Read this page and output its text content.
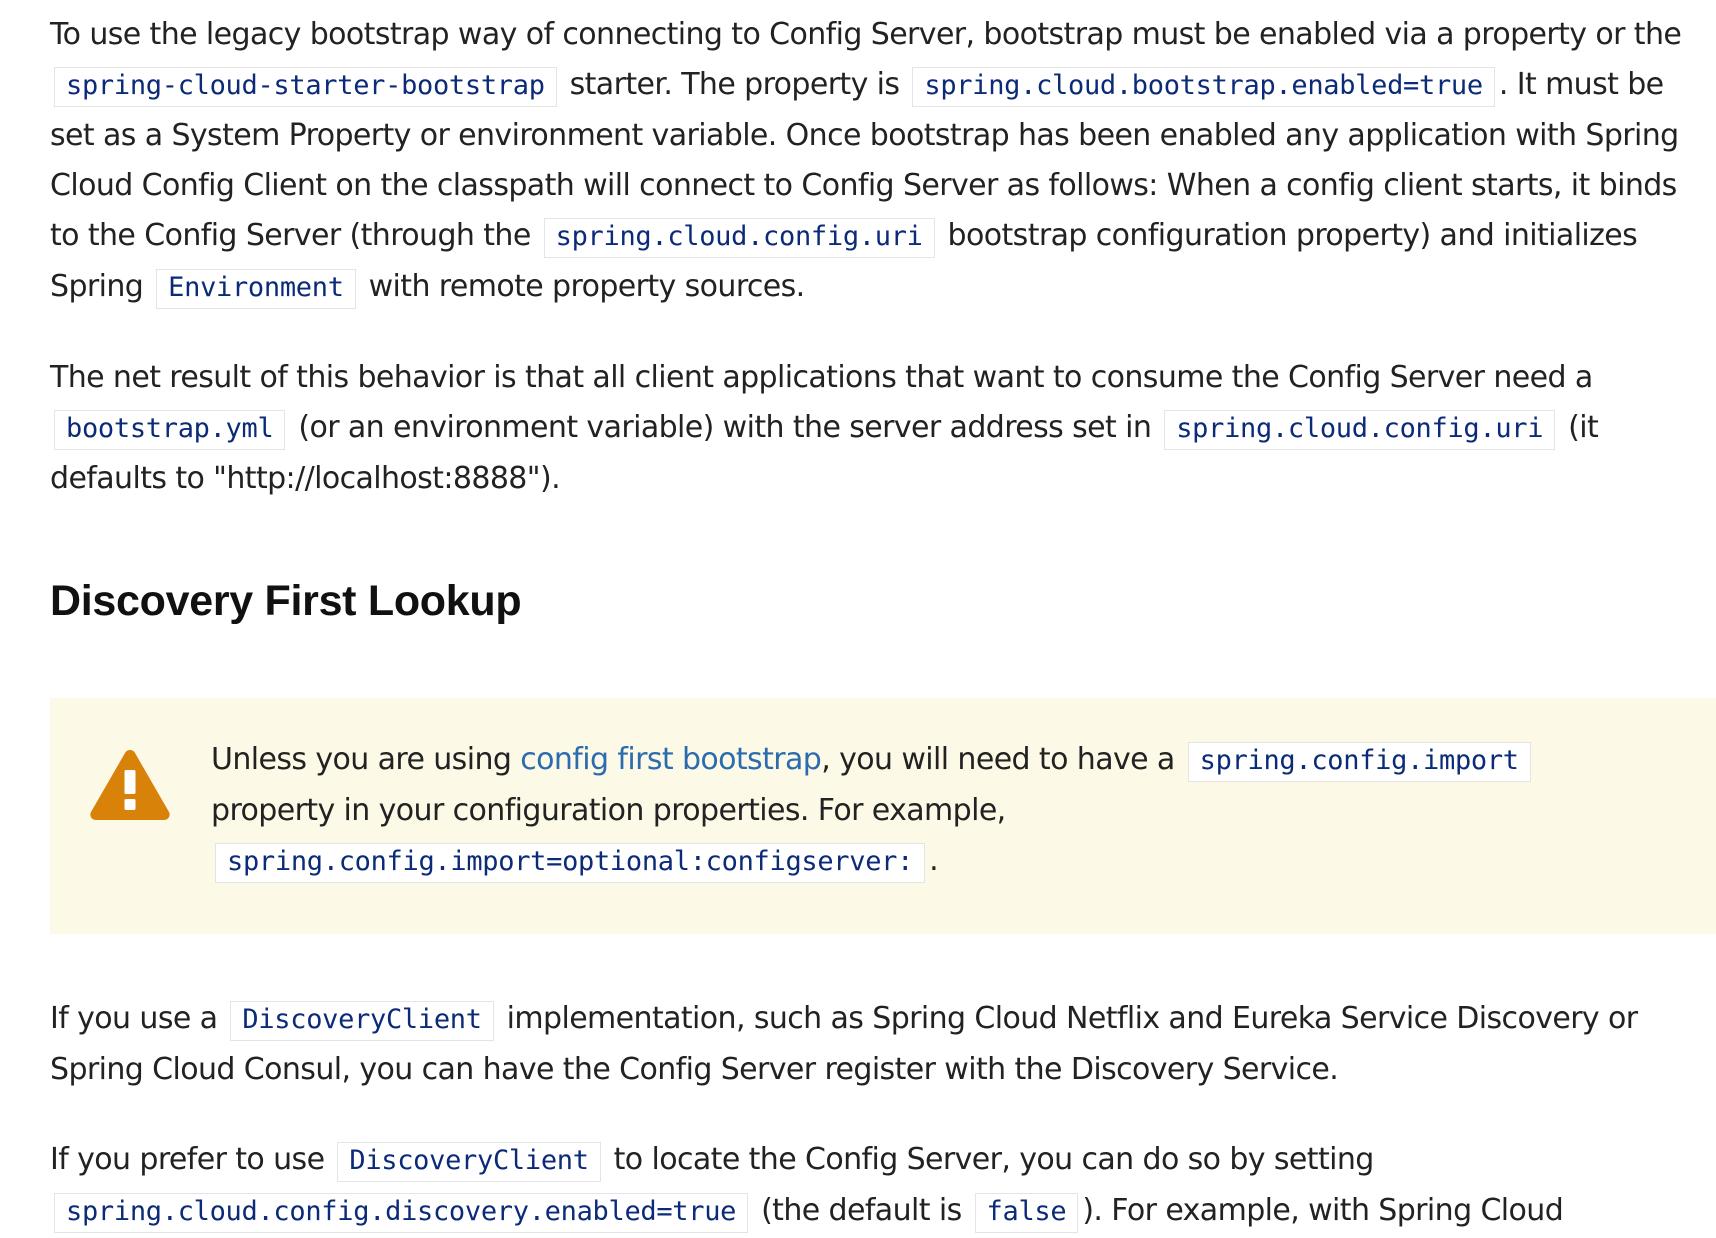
To use the legacy bootstrap way of connecting to Config Server, bootstrap must be enabled via a property or the spring-cloud-starter-bootstrap starter. The property is spring.cloud.bootstrap.enabled=true . It must be set as a System Property or environment variable. Once bootstrap has been enabled any application with Spring Cloud Config Client on the classpath will connect to Config Server as follows: When a config client starts, it binds to the Config Server (through the spring.cloud.config.uri bootstrap configuration property) and initializes Spring Environment with remote property sources.

The net result of this behavior is that all client applications that want to consume the Config Server need a bootstrap.yml (or an environment variable) with the server address set in spring.cloud.config.uri (it defaults to "http://localhost:8888").

Discovery First Lookup

Unless you are using config first bootstrap, you will need to have a spring.config.import property in your configuration properties. For example, spring.config.import=optional:configserver: .

If you use a DiscoveryClient implementation, such as Spring Cloud Netflix and Eureka Service Discovery or Spring Cloud Consul, you can have the Config Server register with the Discovery Service.

If you prefer to use DiscoveryClient to locate the Config Server, you can do so by setting spring.cloud.config.discovery.enabled=true (the default is false ). For example, with Spring Cloud
